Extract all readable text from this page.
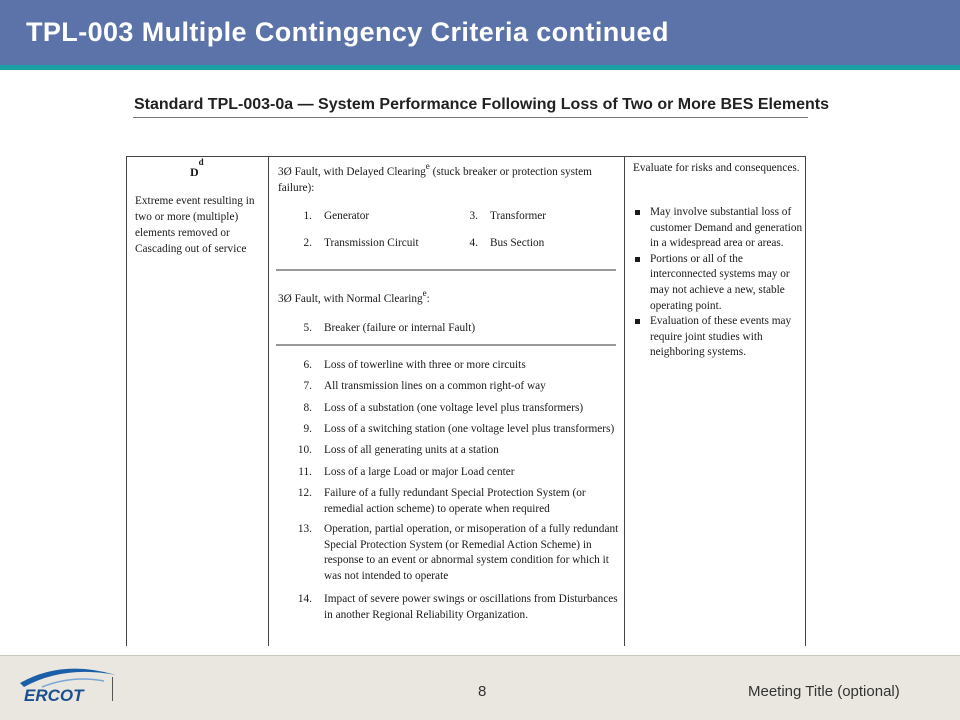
TPL-003 Multiple Contingency Criteria continued
Standard TPL-003-0a — System Performance Following Loss of Two or More BES Elements
$D^d$
Extreme event resulting in two or more (multiple) elements removed or Cascading out of service
3Ø Fault, with Delayed Clearing$^e$ (stuck breaker or protection system failure):
1. Generator	3. Transformer
2. Transmission Circuit	4. Bus Section
3Ø Fault, with Normal Clearing$^e$:
5. Breaker (failure or internal Fault)
6. Loss of towerline with three or more circuits
7. All transmission lines on a common right-of way
8. Loss of a substation (one voltage level plus transformers)
9. Loss of a switching station (one voltage level plus transformers)
10. Loss of all generating units at a station
11. Loss of a large Load or major Load center
12. Failure of a fully redundant Special Protection System (or remedial action scheme) to operate when required
13. Operation, partial operation, or misoperation of a fully redundant Special Protection System (or Remedial Action Scheme) in response to an event or abnormal system condition for which it was not intended to operate
14. Impact of severe power swings or oscillations from Disturbances in another Regional Reliability Organization.
Evaluate for risks and consequences.
May involve substantial loss of customer Demand and generation in a widespread area or areas.
Portions or all of the interconnected systems may or may not achieve a new, stable operating point.
Evaluation of these events may require joint studies with neighboring systems.
ERCOT	8	Meeting Title (optional)
